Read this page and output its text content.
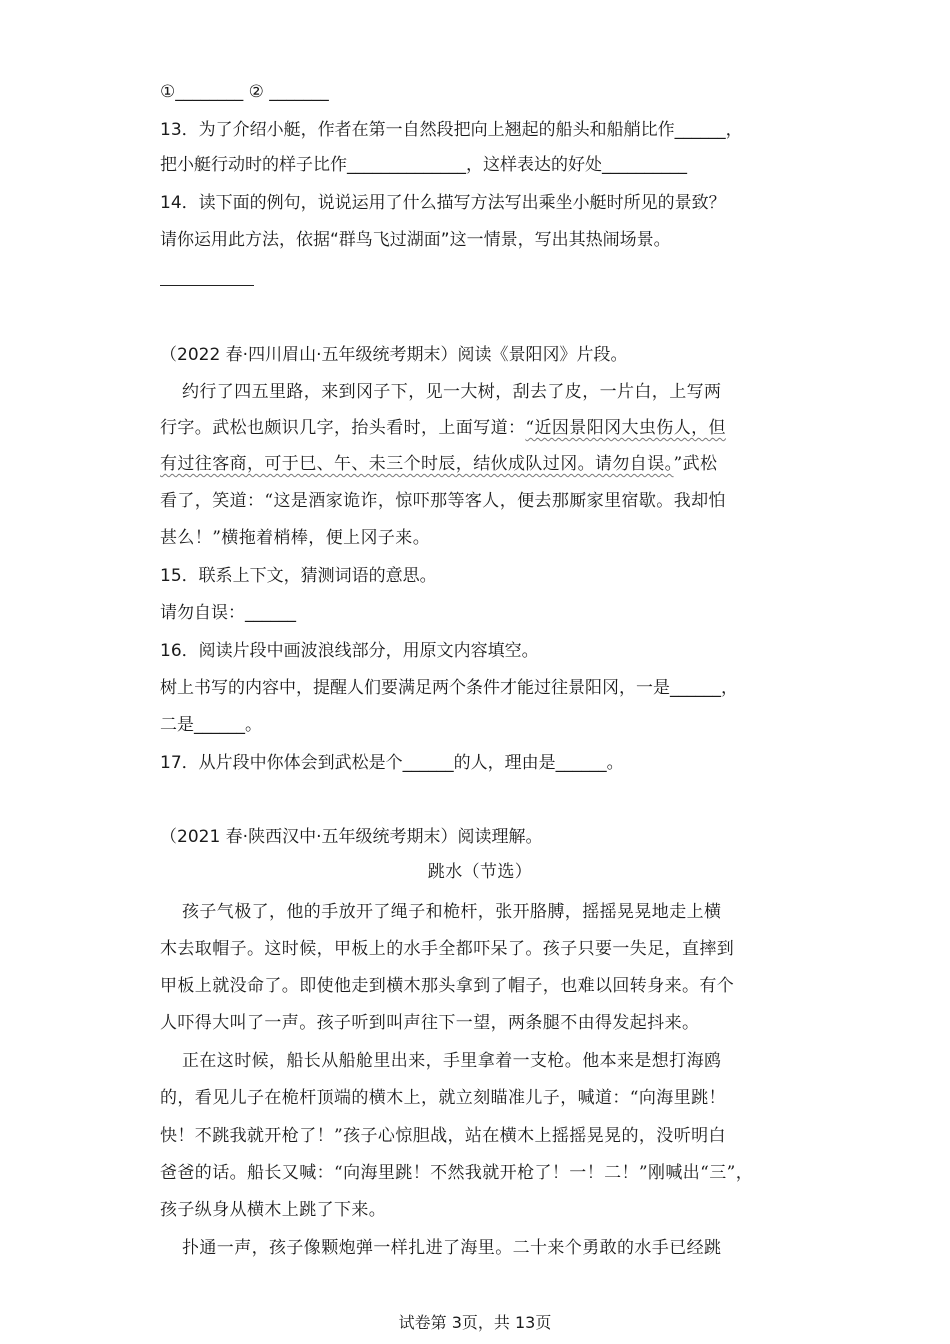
①________ ② _______

13．为了介绍小艇，作者在第一自然段把向上翘起的船头和船艄比作______，

把小艇行动时的样子比作______________，这样表达的好处__________

14．读下面的例句，说说运用了什么描写方法写出乘坐小艇时所见的景致？

请你运用此方法，依据“群鸟飞过湖面”这一情景，写出其热闹场景。

（2022 春·四川眉山·五年级统考期末）阅读《景阳冈》片段。

约行了四五里路，来到冈子下，见一大树，刮去了皮，一片白，上写两

行字。武松也颇识几字，抬头看时，上面写道：“近因景阳冈大虫伤人，但

有过往客商，可于巳、午、未三个时辰，结伙成队过冈。请勿自误。”武松

看了，笑道：“这是酒家诡诈，惊吓那等客人，便去那厮家里宿歇。我却怕

甚么！”横拖着梢棒，便上冈子来。

15．联系上下文，猜测词语的意思。

请勿自误：______

16．阅读片段中画波浪线部分，用原文内容填空。

树上书写的内容中，提醒人们要满足两个条件才能过往景阳冈，一是______，

二是______。

17．从片段中你体会到武松是个______的人，理由是______。

（2021 春·陕西汉中·五年级统考期末）阅读理解。

跳水（节选）

孩子气极了，他的手放开了绳子和桅杆，张开胳膊，摇摇晃晃地走上横

木去取帽子。这时候，甲板上的水手全都吓呆了。孩子只要一失足，直摔到

甲板上就没命了。即使他走到横木那头拿到了帽子，也难以回转身来。有个

人吓得大叫了一声。孩子听到叫声往下一望，两条腿不由得发起抖来。

正在这时候，船长从船舱里出来，手里拿着一支枪。他本来是想打海鸥

的，看见儿子在桅杆顶端的横木上，就立刻瞄准儿子，喊道：“向海里跳！

快！不跳我就开枪了！”孩子心惊胆战，站在横木上摇摇晃晃的，没听明白

爸爸的话。船长又喊：“向海里跳！不然我就开枪了！一！二！”刚喊出“三”，

孩子纵身从横木上跳了下来。

扑通一声，孩子像颗炮弹一样扎进了海里。二十来个勇敢的水手已经跳

试卷第 3页，共 13页
